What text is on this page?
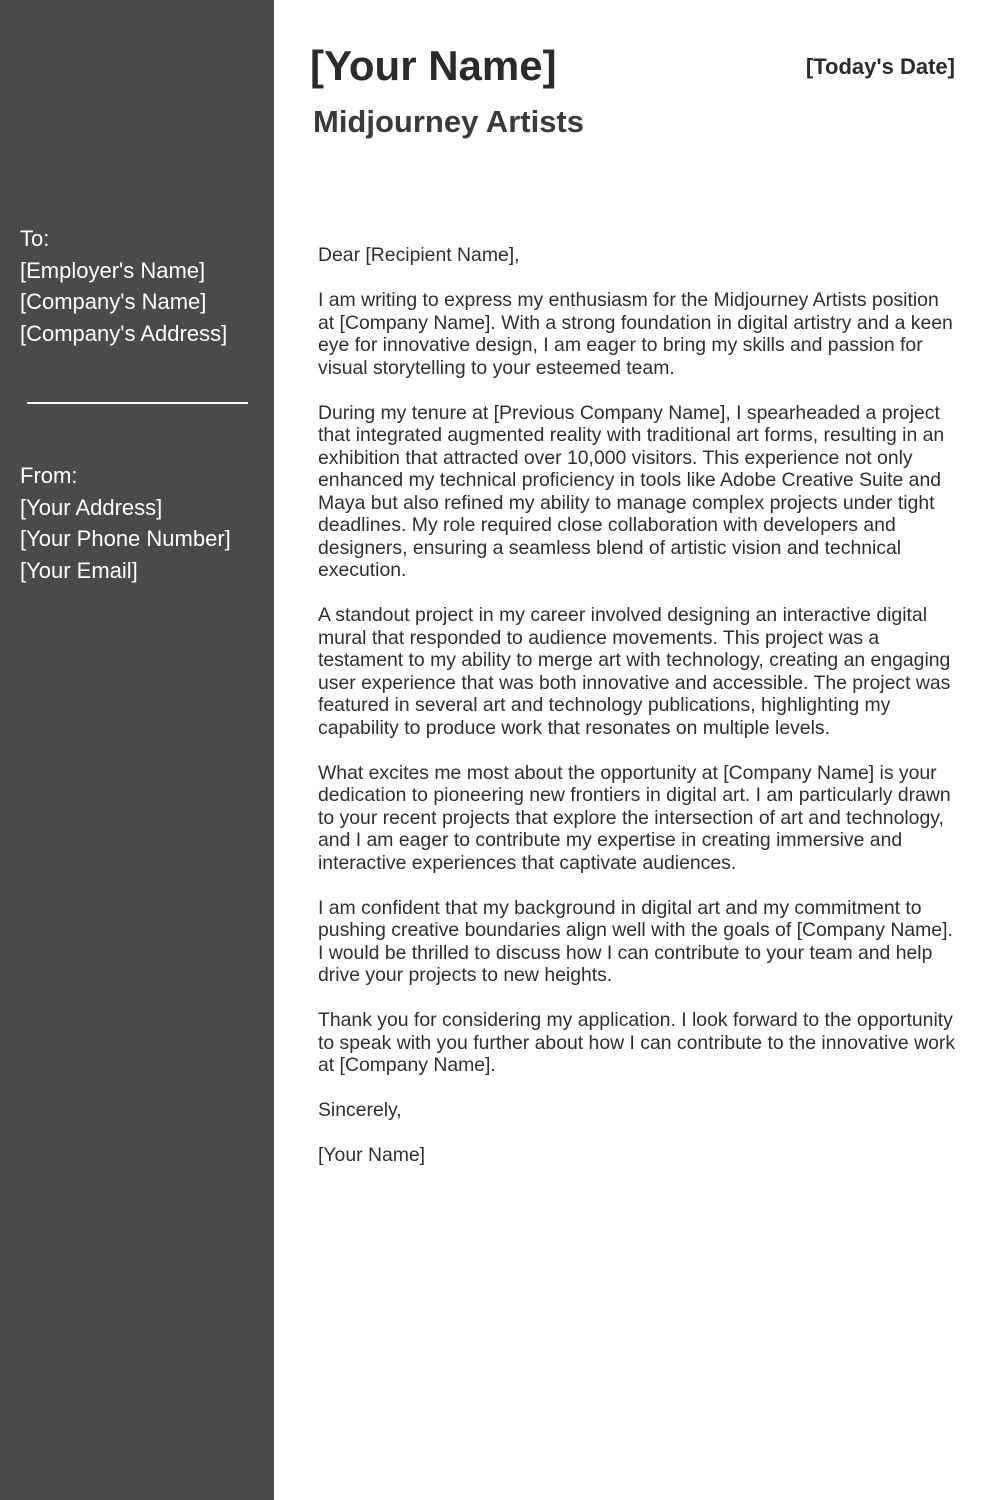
To:
[Employer's Name]
[Company's Name]
[Company's Address]
From:
[Your Address]
[Your Phone Number]
[Your Email]
[Your Name]	[Today's Date]
Midjourney Artists

Dear [Recipient Name],

I am writing to express my enthusiasm for the Midjourney Artists position at [Company Name]. With a strong foundation in digital artistry and a keen eye for innovative design, I am eager to bring my skills and passion for visual storytelling to your esteemed team.

During my tenure at [Previous Company Name], I spearheaded a project that integrated augmented reality with traditional art forms, resulting in an exhibition that attracted over 10,000 visitors. This experience not only enhanced my technical proficiency in tools like Adobe Creative Suite and Maya but also refined my ability to manage complex projects under tight deadlines. My role required close collaboration with developers and designers, ensuring a seamless blend of artistic vision and technical execution.

A standout project in my career involved designing an interactive digital mural that responded to audience movements. This project was a testament to my ability to merge art with technology, creating an engaging user experience that was both innovative and accessible. The project was featured in several art and technology publications, highlighting my capability to produce work that resonates on multiple levels.

What excites me most about the opportunity at [Company Name] is your dedication to pioneering new frontiers in digital art. I am particularly drawn to your recent projects that explore the intersection of art and technology, and I am eager to contribute my expertise in creating immersive and interactive experiences that captivate audiences.

I am confident that my background in digital art and my commitment to pushing creative boundaries align well with the goals of [Company Name]. I would be thrilled to discuss how I can contribute to your team and help drive your projects to new heights.

Thank you for considering my application. I look forward to the opportunity to speak with you further about how I can contribute to the innovative work at [Company Name].

Sincerely,

[Your Name]
